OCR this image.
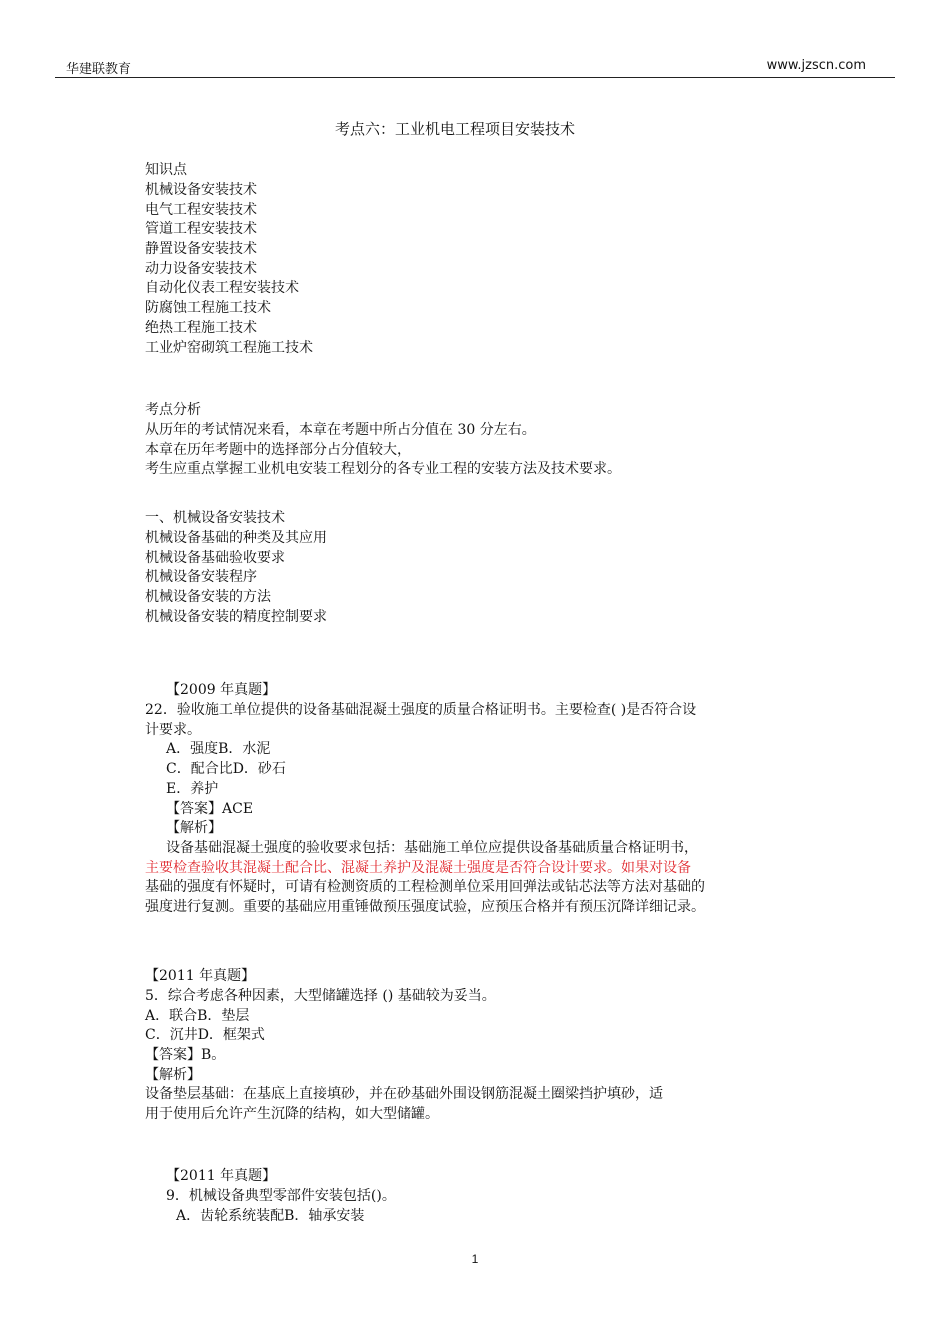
华建联教育	www.jzscn.com
考点六：工业机电工程项目安装技术
知识点
机械设备安装技术
电气工程安装技术
管道工程安装技术
静置设备安装技术
动力设备安装技术
自动化仪表工程安装技术
防腐蚀工程施工技术
绝热工程施工技术
工业炉窑砌筑工程施工技术
考点分析
从历年的考试情况来看，本章在考题中所占分值在 30 分左右。
本章在历年考题中的选择部分占分值较大，
考生应重点掌握工业机电安装工程划分的各专业工程的安装方法及技术要求。
一、机械设备安装技术
机械设备基础的种类及其应用
机械设备基础验收要求
机械设备安装程序
机械设备安装的方法
机械设备安装的精度控制要求
【2009 年真题】
22．验收施工单位提供的设备基础混凝土强度的质量合格证明书。主要检查( )是否符合设
计要求。
A．强度B．水泥
C．配合比D．砂石
E．养护
【答案】ACE
【解析】
设备基础混凝土强度的验收要求包括：基础施工单位应提供设备基础质量合格证明书，
主要检查验收其混凝土配合比、混凝土养护及混凝土强度是否符合设计要求。如果对设备
基础的强度有怀疑时，可请有检测资质的工程检测单位采用回弹法或钻芯法等方法对基础的
强度进行复测。重要的基础应用重锤做预压强度试验，应预压合格并有预压沉降详细记录。
【2011 年真题】
5．综合考虑各种因素，大型储罐选择 () 基础较为妥当。
A．联合B．垫层
C．沉井D．框架式
【答案】B。
【解析】
设备垫层基础：在基底上直接填砂，并在砂基础外围设钢筋混凝土圈梁挡护填砂，适
用于使用后允许产生沉降的结构，如大型储罐。
【2011 年真题】
9．机械设备典型零部件安装包括()。
A．齿轮系统装配B．轴承安装
1
